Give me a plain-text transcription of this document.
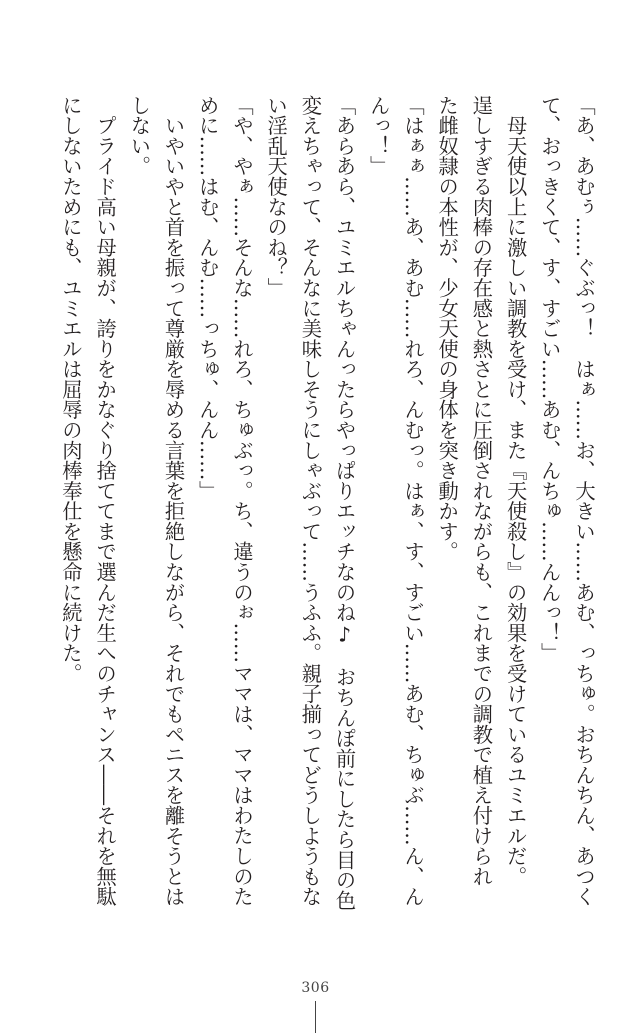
「あ、あむぅ……ぐぶっ！　はぁ……お、大きい……あむ、っちゅ。おちんちん、あつく
て、おっきくて、す、すごい……あむ、んちゅ……んんっ！」
　母天使以上に激しい調教を受け、また『天使殺し』の効果を受けているユミエルだ。
逞しすぎる肉棒の存在感と熱さとに圧倒されながらも、これまでの調教で植え付けられ
た雌奴隷の本性が、少女天使の身体を突き動かす。
「はぁぁ……あ、あむ……れろ、んむっ。はぁ、す、すごい……あむ、ちゅぶ……ん、ん
んっ！」
「あらあら、ユミエルちゃんったらやっぱりエッチなのね♪　おちんぽ前にしたら目の色
変えちゃって、そんなに美味しそうにしゃぶって……うふふ。親子揃ってどうしようもな
い淫乱天使なのね？」
「や、やぁ……そんな……れろ、ちゅぶっ。ち、違うのぉ……ママは、ママはわたしのた
めに……はむ、んむ……っちゅ、んん……」
　いやいやと首を振って尊厳を辱める言葉を拒絶しながら、それでもペニスを離そうとは
しない。
　プライド高い母親が、誇りをかなぐり捨ててまで選んだ生へのチャンス――それを無駄
にしないためにも、ユミエルは屈辱の肉棒奉仕を懸命に続けた。
306
